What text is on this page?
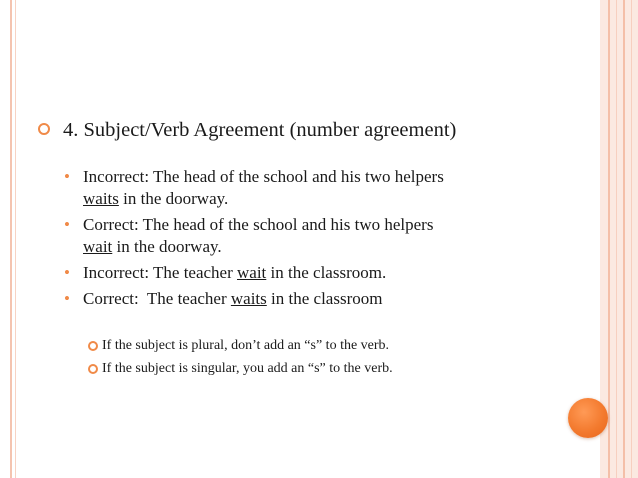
4. Subject/Verb Agreement (number agreement)
• Incorrect: The head of the school and his two helpers
waits in the doorway.
• Correct: The head of the school and his two helpers
wait in the doorway.
• Incorrect: The teacher wait in the classroom.
• Correct:  The teacher waits in the classroom
If the subject is plural, don’t add an “s” to the verb.
If the subject is singular, you add an “s” to the verb.
